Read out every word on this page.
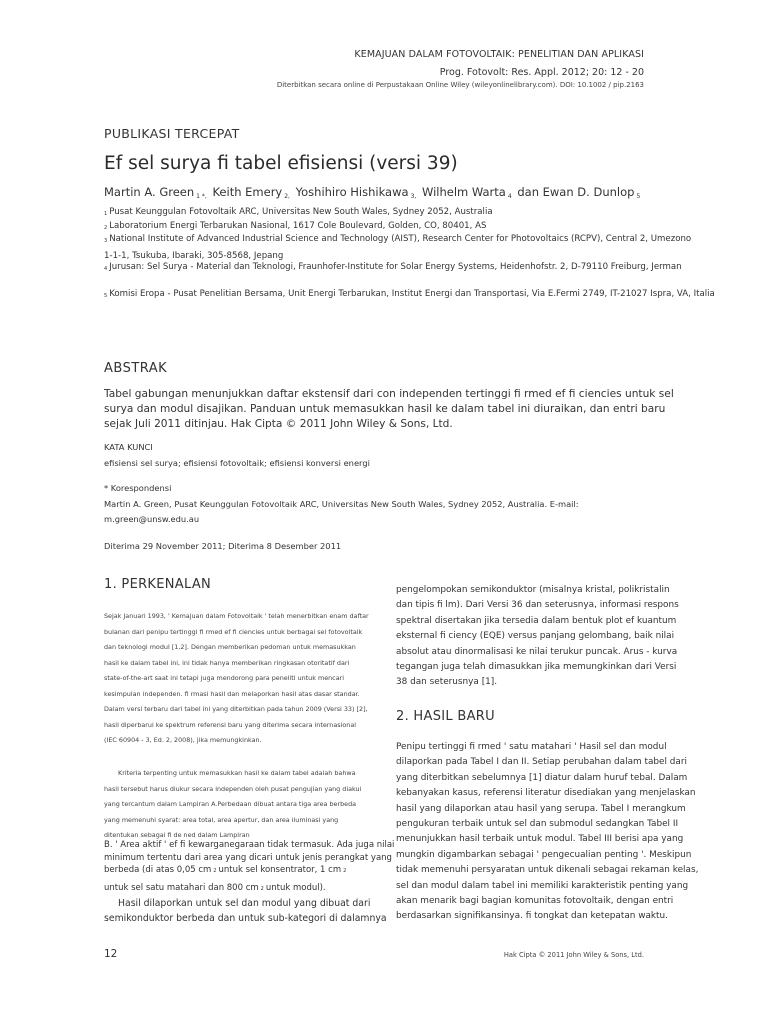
KEMAJUAN DALAM FOTOVOLTAIK: PENELITIAN DAN APLIKASI
Prog. Fotovolt: Res. Appl. 2012; 20: 12 - 20
Diterbitkan secara online di Perpustakaan Online Wiley (wileyonlinelibrary.com). DOI: 10.1002 / pip.2163
PUBLIKASI TERCEPAT
Ef sel surya fi tabel efisiensi (versi 39)
Martin A. Green $_{1 *,}$ Keith Emery $_{2,}$ Yoshihiro Hishikawa $_{3,}$ Wilhelm Warta $_4$ dan Ewan D. Dunlop $_5$
$^1$ Pusat Keunggulan Fotovoltaik ARC, Universitas New South Wales, Sydney 2052, Australia
$^2$ Laboratorium Energi Terbarukan Nasional, 1617 Cole Boulevard, Golden, CO, 80401, AS
$^3$ National Institute of Advanced Industrial Science and Technology (AIST), Research Center for Photovoltaics (RCPV), Central 2, Umezono
1-1-1, Tsukuba, Ibaraki, 305-8568, Jepang
$^4$ Jurusan: Sel Surya - Material dan Teknologi, Fraunhofer-Institute for Solar Energy Systems, Heidenhofstr. 2, D-79110 Freiburg, Jerman
$^5$ Komisi Eropa - Pusat Penelitian Bersama, Unit Energi Terbarukan, Institut Energi dan Transportasi, Via E.Fermi 2749, IT-21027 Ispra, VA, Italia
ABSTRAK
Tabel gabungan menunjukkan daftar ekstensif dari con independen tertinggi fi rmed ef fi ciencies untuk sel surya dan modul disajikan. Panduan untuk memasukkan hasil ke dalam tabel ini diuraikan, dan entri baru sejak Juli 2011 ditinjau. Hak Cipta © 2011 John Wiley & Sons, Ltd.
KATA KUNCI
efisiensi sel surya; efisiensi fotovoltaik; efisiensi konversi energi
* Korespondensi
Martin A. Green, Pusat Keunggulan Fotovoltaik ARC, Universitas New South Wales, Sydney 2052, Australia. E-mail:
m.green@unsw.edu.au
Diterima 29 November 2011; Diterima 8 Desember 2011
1. PERKENALAN
Sejak Januari 1993, ' Kemajuan dalam Fotovoltaik ' telah menerbitkan enam daftar
bulanan dari penipu tertinggi fi rmed ef fi ciencies untuk berbagai sel fotovoltaik
dan teknologi modul [1,2]. Dengan memberikan pedoman untuk memasukkan
hasil ke dalam tabel ini, ini tidak hanya memberikan ringkasan otoritatif dari
state-of-the-art saat ini tetapi juga mendorong para peneliti untuk mencari
kesimpulan independen. fi rmasi hasil dan melaporkan hasil atas dasar standar.
Dalam versi terbaru dari tabel ini yang diterbitkan pada tahun 2009 (Versi 33) [2],
hasil diperbarui ke spektrum referensi baru yang diterima secara internasional
(IEC 60904 - 3, Ed. 2, 2008), jika memungkinkan.
Kriteria terpenting untuk memasukkan hasil ke dalam tabel adalah bahwa
hasil tersebut harus diukur secara independen oleh pusat pengujian yang diakui
yang tercantum dalam Lampiran A.Perbedaan dibuat antara tiga area berbeda
yang memenuhi syarat: area total, area apertur, dan area iluminasi yang
ditentukan sebagai fi de ned dalam Lampiran
B. ' Area aktif ' ef fi kewarganegaraan tidak termasuk. Ada juga nilai
minimum tertentu dari area yang dicari untuk jenis perangkat yang
berbeda (di atas 0,05 cm 2 untuk sel konsentrator, 1 cm 2
untuk sel satu matahari dan 800 cm 2 untuk modul).
Hasil dilaporkan untuk sel dan modul yang dibuat dari
semikonduktor berbeda dan untuk sub-kategori di dalamnya
pengelompokan semikonduktor (misalnya kristal, polikristalin
dan tipis fi lm). Dari Versi 36 dan seterusnya, informasi respons
spektral disertakan jika tersedia dalam bentuk plot ef kuantum
eksternal fi ciency (EQE) versus panjang gelombang, baik nilai
absolut atau dinormalisasi ke nilai terukur puncak. Arus - kurva
tegangan juga telah dimasukkan jika memungkinkan dari Versi
38 dan seterusnya [1].
2. HASIL BARU
Penipu tertinggi fi rmed ' satu matahari ' Hasil sel dan modul
dilaporkan pada Tabel I dan II. Setiap perubahan dalam tabel dari
yang diterbitkan sebelumnya [1] diatur dalam huruf tebal. Dalam
kebanyakan kasus, referensi literatur disediakan yang menjelaskan
hasil yang dilaporkan atau hasil yang serupa. Tabel I merangkum
pengukuran terbaik untuk sel dan submodul sedangkan Tabel II
menunjukkan hasil terbaik untuk modul. Tabel III berisi apa yang
mungkin digambarkan sebagai ' pengecualian penting '. Meskipun
tidak memenuhi persyaratan untuk dikenali sebagai rekaman kelas,
sel dan modul dalam tabel ini memiliki karakteristik penting yang
akan menarik bagi bagian komunitas fotovoltaik, dengan entri
berdasarkan signifikansinya. fi tongkat dan ketepatan waktu.
12	Hak Cipta © 2011 John Wiley & Sons, Ltd.
